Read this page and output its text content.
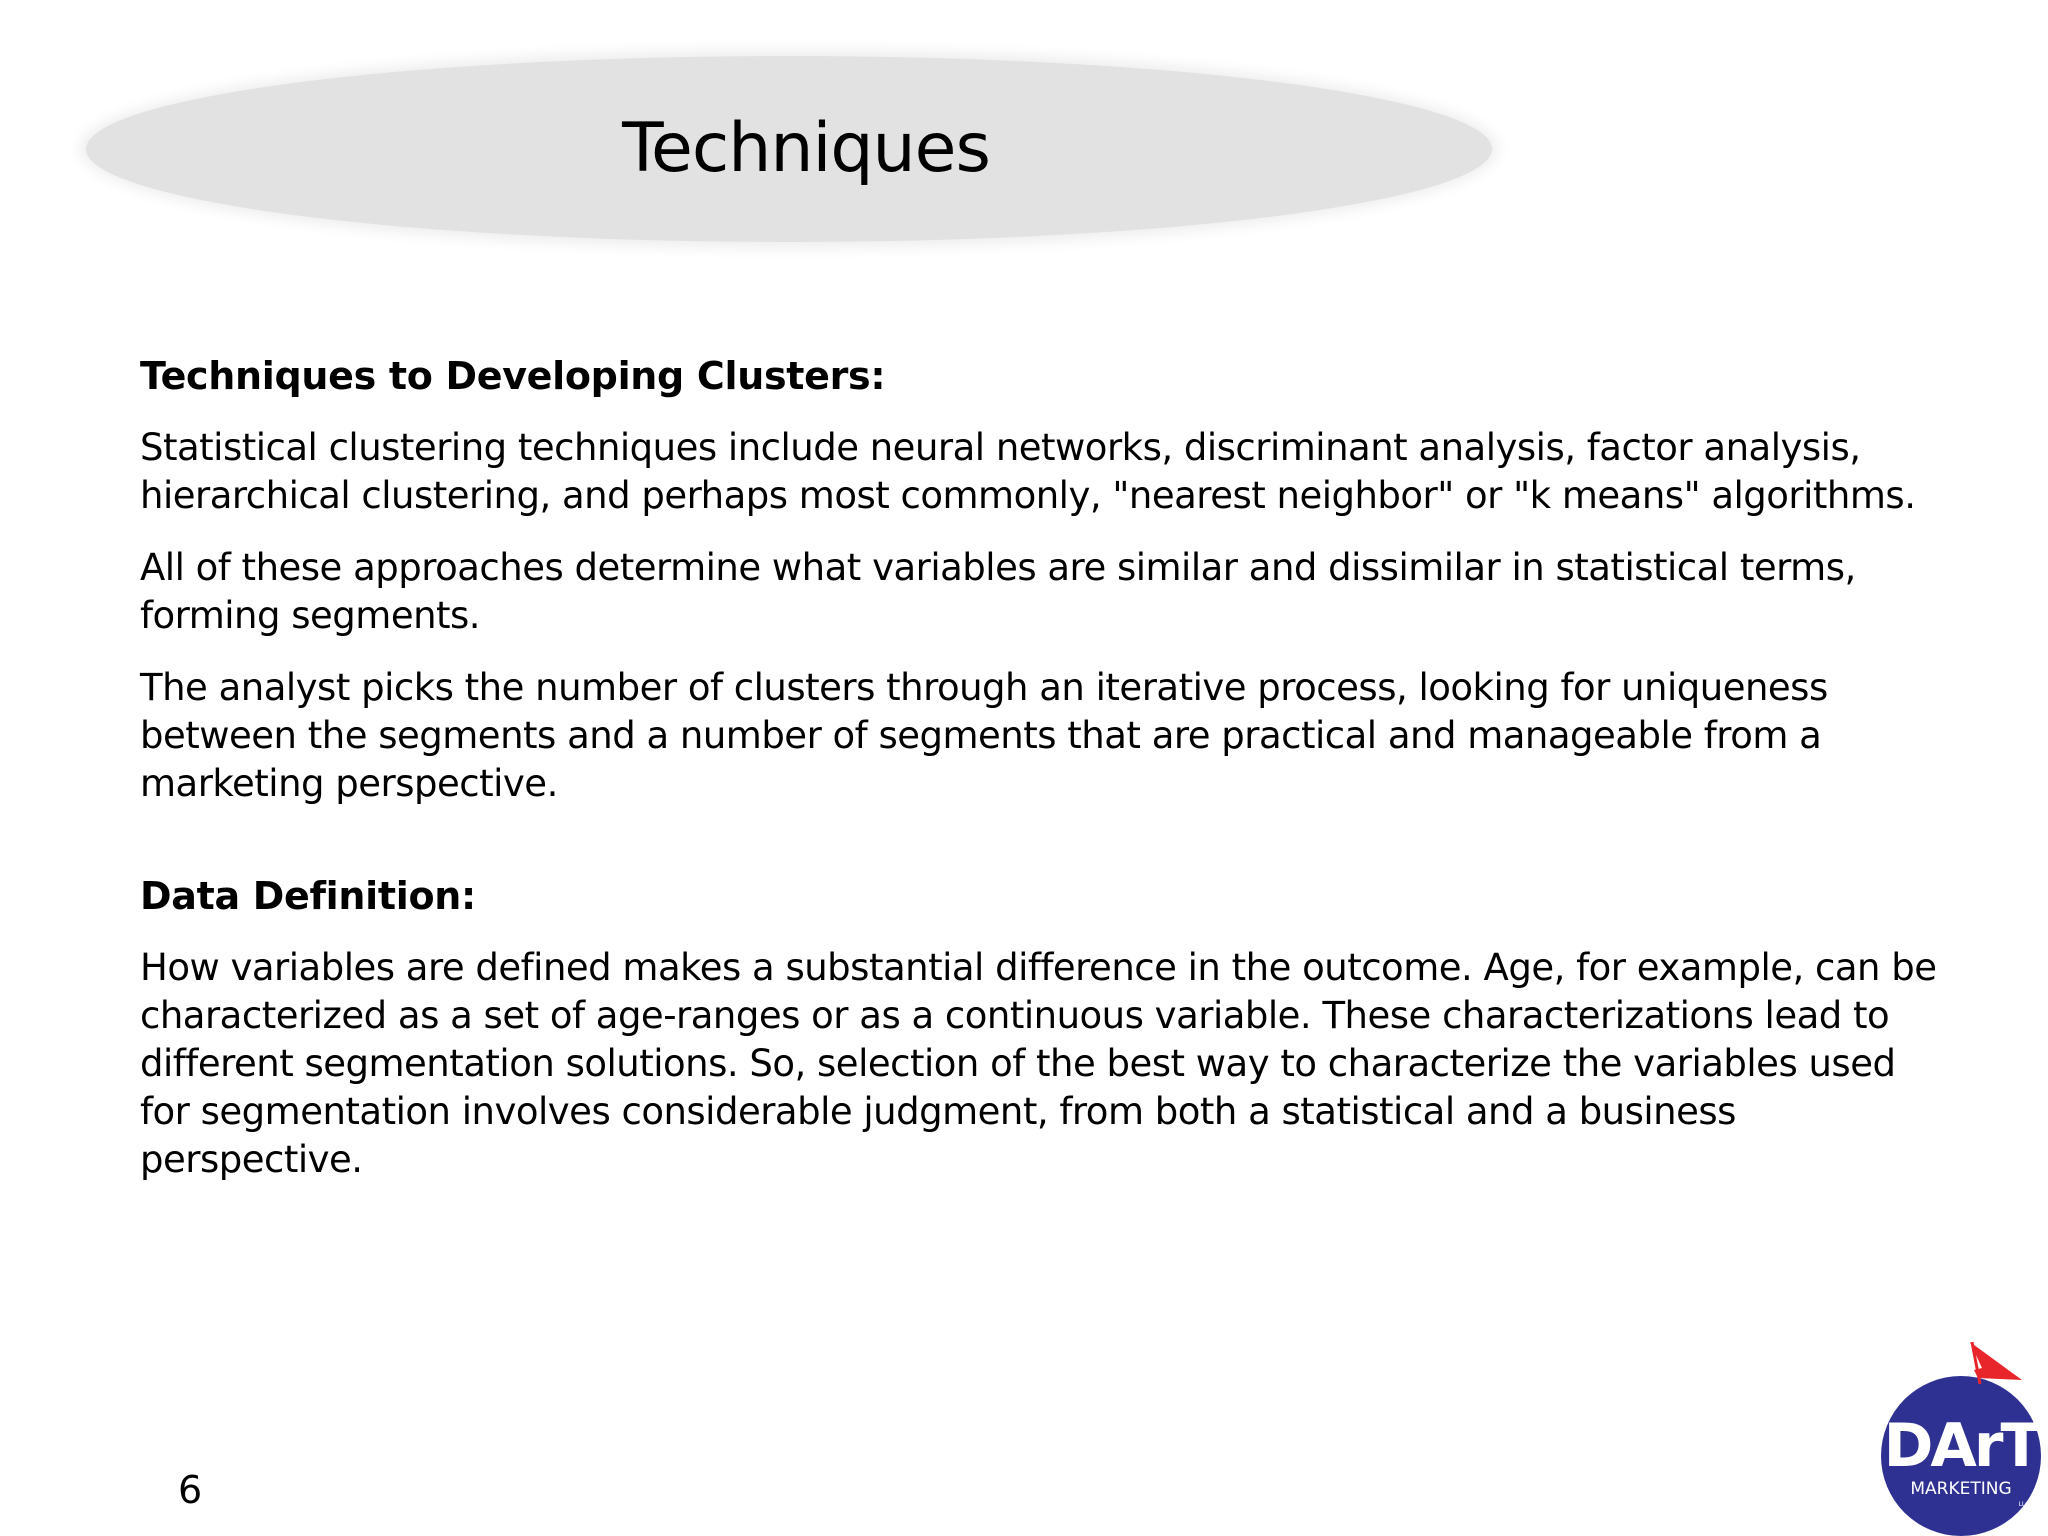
Techniques

Techniques to Developing Clusters:

Statistical clustering techniques include neural networks, discriminant analysis, factor analysis, hierarchical clustering, and perhaps most commonly, "nearest neighbor" or "k means" algorithms.

All of these approaches determine what variables are similar and dissimilar in statistical terms, forming segments.

The analyst picks the number of clusters through an iterative process, looking for uniqueness between the segments and a number of segments that are practical and manageable from a marketing perspective.

Data Definition:

How variables are defined makes a substantial difference in the outcome. Age, for example, can be characterized as a set of age-ranges or as a continuous variable. These characterizations lead to different segmentation solutions. So, selection of the best way to characterize the variables used for segmentation involves considerable judgment, from both a statistical and a business perspective.

6
DArT
MARKETING
LLC
